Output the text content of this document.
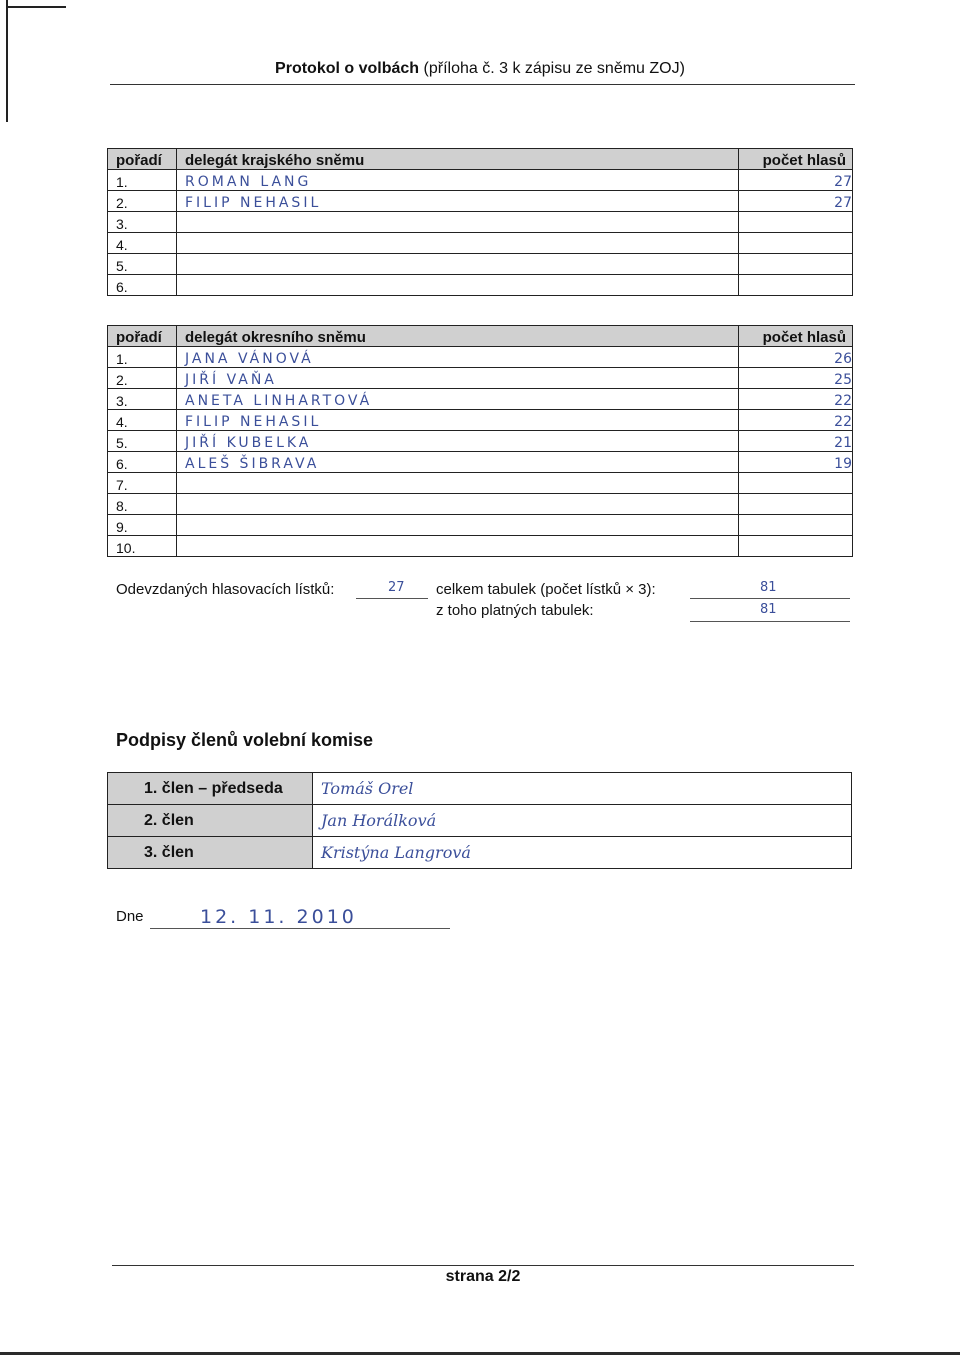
Protokol o volbách (příloha č. 3 k zápisu ze sněmu ZOJ)
pořadí	delegát krajského sněmu	počet hlasů
1.	ROMAN LANG	27
2.	FILIP NEHASIL	27
3.		
4.		
5.		
6.		
pořadí	delegát okresního sněmu	počet hlasů
1.	JANA VÁNOVÁ	26
2.	JIŘÍ VAŇA	25
3.	ANETA LINHARTOVÁ	22
4.	FILIP NEHASIL	22
5.	JIŘÍ KUBELKA	21
6.	ALEŠ ŠIBRAVA	19
7.		
8.		
9.		
10.		
Odevzdaných hlasovacích lístků:	27 celkem tabulek (počet lístků × 3):	81
z toho platných tabulek:	81
Podpisy členů volební komise
1. člen – předseda	Tomáš Orel
2. člen	Jan Horálková
3. člen	Kristýna Langrová
Dne	12. 11. 2010
strana 2/2
